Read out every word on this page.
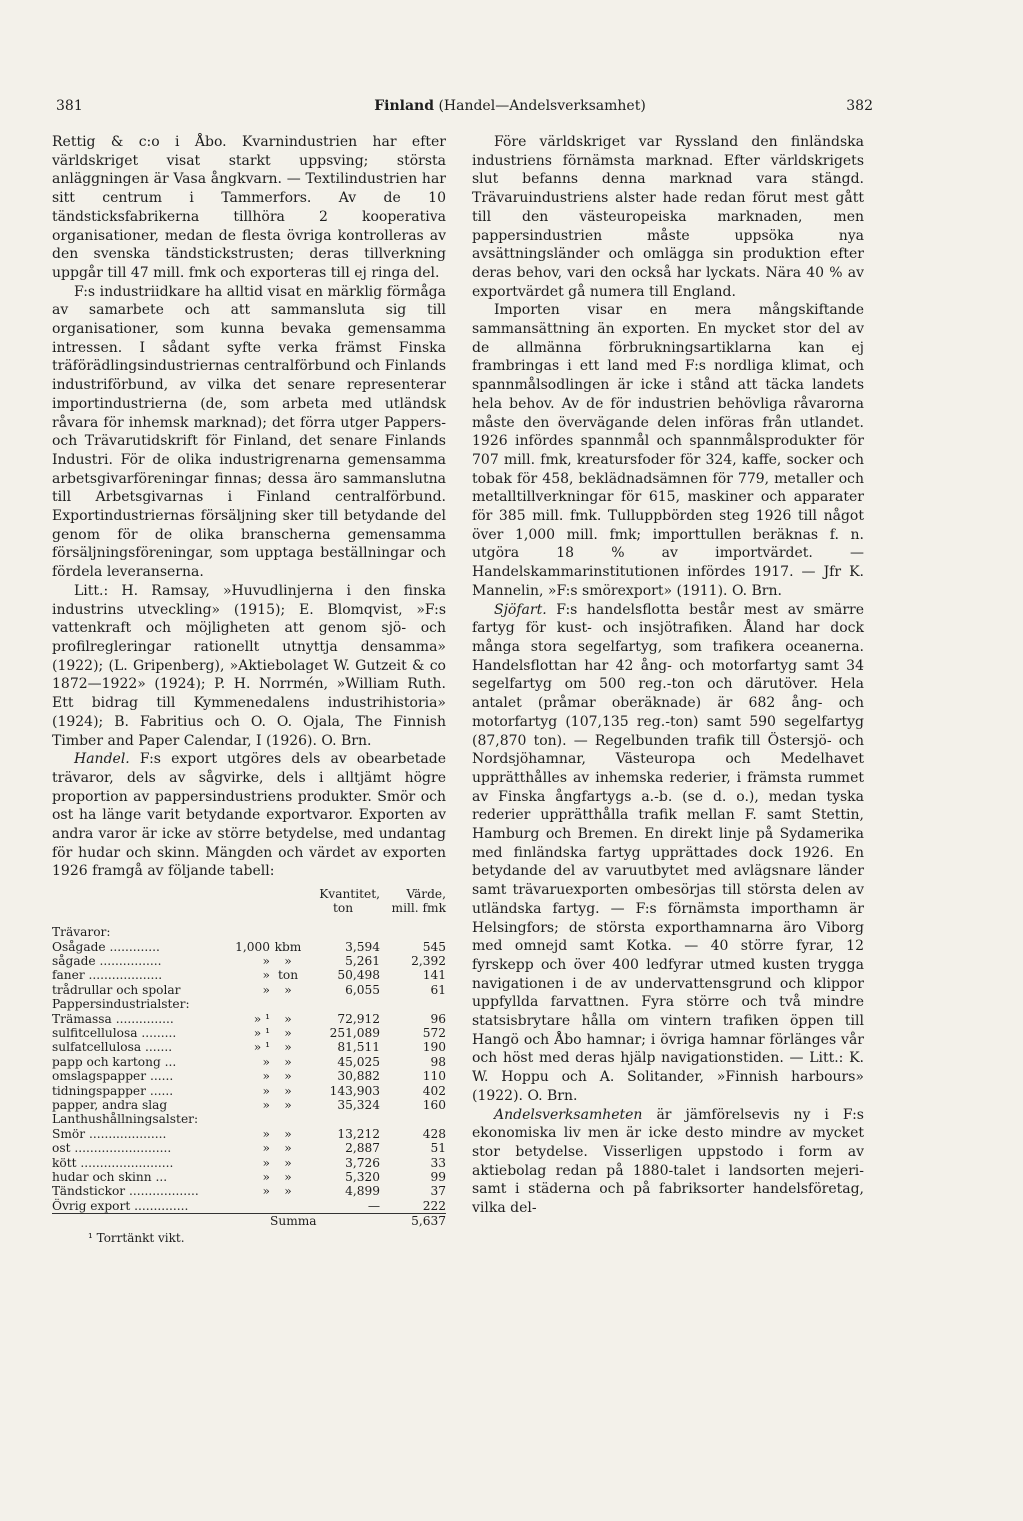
381	Finland (Handel—Andelsverksamhet)	382

Rettig & c:o i Åbo. Kvarnindustrien har efter världskriget visat starkt uppsving; största anläggningen är Vasa ångkvarn. — Textilindustrien har sitt centrum i Tammerfors. Av de 10 tändsticksfabrikerna tillhöra 2 kooperativa organisationer, medan de flesta övriga kontrolleras av den svenska tändstickstrusten; deras tillverkning uppgår till 47 mill. fmk och exporteras till ej ringa del.

F:s industriidkare ha alltid visat en märklig förmåga av samarbete och att sammansluta sig till organisationer, som kunna bevaka gemensamma intressen. I sådant syfte verka främst Finska träförädlingsindustriernas centralförbund och Finlands industriförbund, av vilka det senare representerar importindustrierna (de, som arbeta med utländsk råvara för inhemsk marknad); det förra utger Pappers- och Trävarutidskrift för Finland, det senare Finlands Industri. För de olika industrigrenarna gemensamma arbetsgivarföreningar finnas; dessa äro sammanslutna till Arbetsgivarnas i Finland centralförbund. Exportindustriernas försäljning sker till betydande del genom för de olika branscherna gemensamma försäljningsföreningar, som upptaga beställningar och fördela leveranserna.

Litt.: H. Ramsay, »Huvudlinjerna i den finska industrins utveckling» (1915); E. Blomqvist, »F:s vattenkraft och möjligheten att genom sjö- och profilregleringar rationellt utnyttja densamma» (1922); (L. Gripenberg), »Aktiebolaget W. Gutzeit & co 1872—1922» (1924); P. H. Norrmén, »William Ruth. Ett bidrag till Kymmenedalens industrihistoria» (1924); B. Fabritius och O. O. Ojala, The Finnish Timber and Paper Calendar, I (1926). O. Brn.

Handel. F:s export utgöres dels av obearbetade trävaror, dels av sågvirke, dels i alltjämt högre proportion av pappersindustriens produkter. Smör och ost ha länge varit betydande exportvaror. Exporten av andra varor är icke av större betydelse, med undantag för hudar och skinn. Mängden och värdet av exporten 1926 framgå av följande tabell:

			Kvantitet,	Värde,
			ton	mill. fmk

Trävaror:				
Osågade .............	1,000	kbm	3,594	545
sågade ................	»	»	5,261	2,392
faner ...................	»	ton	50,498	141
trådrullar och spolar	»	»	6,055	61
Pappersindustrialster:				
Trämassa ...............	» ¹	»	72,912	96
sulfitcellulosa .........	» ¹	»	251,089	572
sulfatcellulosa .......	» ¹	»	81,511	190
papp och kartong ...	»	»	45,025	98
omslagspapper ......	»	»	30,882	110
tidningspapper ......	»	»	143,903	402
papper, andra slag	»	»	35,324	160
Lanthushållningsalster:				
Smör ....................	»	»	13,212	428
ost .........................	»	»	2,887	51
kött ........................	»	»	3,726	33
hudar och skinn ...	»	»	5,320	99
Tändstickor ..................	»	»	4,899	37
Övrig export ..............			—	222
		Summa		5,637

¹ Torrtänkt vikt.

Före världskriget var Ryssland den finländska industriens förnämsta marknad. Efter världskrigets slut befanns denna marknad vara stängd. Trävaruindustriens alster hade redan förut mest gått till den västeuropeiska marknaden, men pappersindustrien måste uppsöka nya avsättningsländer och omlägga sin produktion efter deras behov, vari den också har lyckats. Nära 40 % av exportvärdet gå numera till England.

Importen visar en mera mångskiftande sammansättning än exporten. En mycket stor del av de allmänna förbrukningsartiklarna kan ej frambringas i ett land med F:s nordliga klimat, och spannmålsodlingen är icke i stånd att täcka landets hela behov. Av de för industrien behövliga råvarorna måste den övervägande delen införas från utlandet. 1926 infördes spannmål och spannmålsprodukter för 707 mill. fmk, kreatursfoder för 324, kaffe, socker och tobak för 458, beklädnadsämnen för 779, metaller och metalltillverkningar för 615, maskiner och apparater för 385 mill. fmk. Tulluppbörden steg 1926 till något över 1,000 mill. fmk; importtullen beräknas f. n. utgöra 18 % av importvärdet. — Handelskammarinstitutionen infördes 1917. — Jfr K. Mannelin, »F:s smörexport» (1911). O. Brn.

Sjöfart. F:s handelsflotta består mest av smärre fartyg för kust- och insjötrafiken. Åland har dock många stora segelfartyg, som trafikera oceanerna. Handelsflottan har 42 ång- och motorfartyg samt 34 segelfartyg om 500 reg.-ton och därutöver. Hela antalet (pråmar oberäknade) är 682 ång- och motorfartyg (107,135 reg.-ton) samt 590 segelfartyg (87,870 ton). — Regelbunden trafik till Östersjö- och Nordsjöhamnar, Västeuropa och Medelhavet upprätthålles av inhemska rederier, i främsta rummet av Finska ångfartygs a.-b. (se d. o.), medan tyska rederier upprätthålla trafik mellan F. samt Stettin, Hamburg och Bremen. En direkt linje på Sydamerika med finländska fartyg upprättades dock 1926. En betydande del av varuutbytet med avlägsnare länder samt trävaruexporten ombesörjas till största delen av utländska fartyg. — F:s förnämsta importhamn är Helsingfors; de största exporthamnarna äro Viborg med omnejd samt Kotka. — 40 större fyrar, 12 fyrskepp och över 400 ledfyrar utmed kusten trygga navigationen i de av undervattensgrund och klippor uppfyllda farvattnen. Fyra större och två mindre statsisbrytare hålla om vintern trafiken öppen till Hangö och Åbo hamnar; i övriga hamnar förlänges vår och höst med deras hjälp navigationstiden. — Litt.: K. W. Hoppu och A. Solitander, »Finnish harbours» (1922). O. Brn.

Andelsverksamheten är jämförelsevis ny i F:s ekonomiska liv men är icke desto mindre av mycket stor betydelse. Visserligen uppstodo i form av aktiebolag redan på 1880-talet i landsorten mejeri- samt i städerna och på fabriksorter handelsföretag, vilka del-
